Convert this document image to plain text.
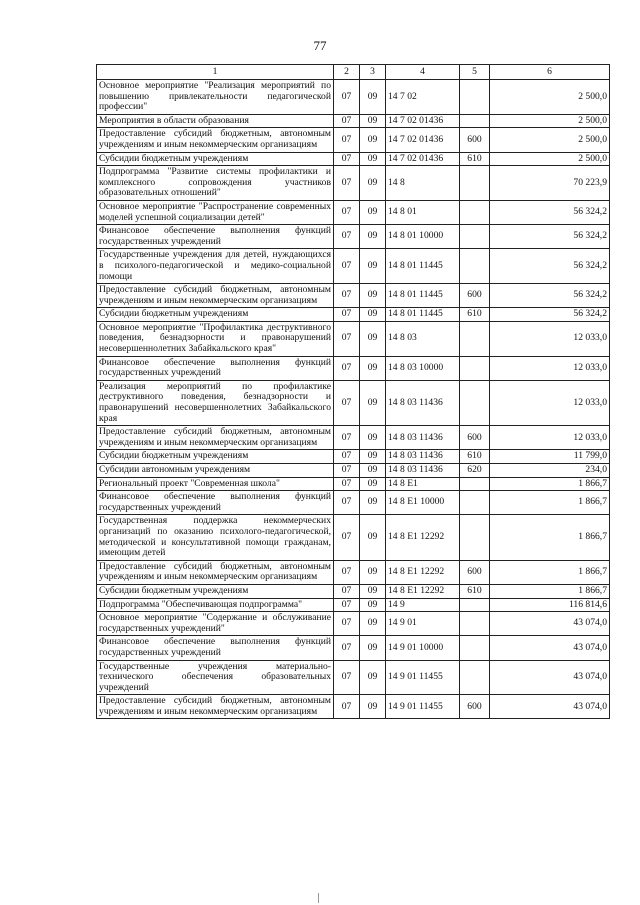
77
1	2	3	4	5	6
Основное мероприятие "Реализация мероприятий по повышению привлекательности педагогической профессии"	07	09	14 7 02		2 500,0
Мероприятия в области образования	07	09	14 7 02 01436		2 500,0
Предоставление субсидий бюджетным, автономным учреждениям и иным некоммерческим организациям	07	09	14 7 02 01436	600	2 500,0
Субсидии бюджетным учреждениям	07	09	14 7 02 01436	610	2 500,0
Подпрограмма "Развитие системы профилактики и комплексного сопровождения участников образовательных отношений"	07	09	14 8		70 223,9
Основное мероприятие "Распространение современных моделей успешной социализации детей"	07	09	14 8 01		56 324,2
Финансовое обеспечение выполнения функций государственных учреждений	07	09	14 8 01 10000		56 324,2
Государственные учреждения для детей, нуждающихся в психолого-педагогической и медико-социальной помощи	07	09	14 8 01 11445		56 324,2
Предоставление субсидий бюджетным, автономным учреждениям и иным некоммерческим организациям	07	09	14 8 01 11445	600	56 324,2
Субсидии бюджетным учреждениям	07	09	14 8 01 11445	610	56 324,2
Основное мероприятие "Профилактика деструктивного поведения, безнадзорности и правонарушений несовершеннолетних Забайкальского края"	07	09	14 8 03		12 033,0
Финансовое обеспечение выполнения функций государственных учреждений	07	09	14 8 03 10000		12 033,0
Реализация мероприятий по профилактике деструктивного поведения, безнадзорности и правонарушений несовершеннолетних Забайкальского края	07	09	14 8 03 11436		12 033,0
Предоставление субсидий бюджетным, автономным учреждениям и иным некоммерческим организациям	07	09	14 8 03 11436	600	12 033,0
Субсидии бюджетным учреждениям	07	09	14 8 03 11436	610	11 799,0
Субсидии автономным учреждениям	07	09	14 8 03 11436	620	234,0
Региональный проект "Современная школа"	07	09	14 8 E1		1 866,7
Финансовое обеспечение выполнения функций государственных учреждений	07	09	14 8 E1 10000		1 866,7
Государственная поддержка некоммерческих организаций по оказанию психолого-педагогической, методической и консультативной помощи гражданам, имеющим детей	07	09	14 8 E1 12292		1 866,7
Предоставление субсидий бюджетным, автономным учреждениям и иным некоммерческим организациям	07	09	14 8 E1 12292	600	1 866,7
Субсидии бюджетным учреждениям	07	09	14 8 E1 12292	610	1 866,7
Подпрограмма "Обеспечивающая подпрограмма"	07	09	14 9		116 814,6
Основное мероприятие "Содержание и обслуживание государственных учреждений"	07	09	14 9 01		43 074,0
Финансовое обеспечение выполнения функций государственных учреждений	07	09	14 9 01 10000		43 074,0
Государственные учреждения материально-технического обеспечения образовательных учреждений	07	09	14 9 01 11455		43 074,0
Предоставление субсидий бюджетным, автономным учреждениям и иным некоммерческим организациям	07	09	14 9 01 11455	600	43 074,0
